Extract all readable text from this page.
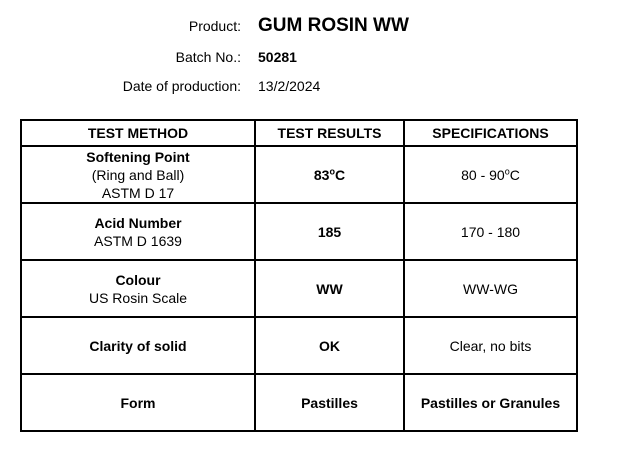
Product: GUM ROSIN WW
Batch No.: 50281
Date of production: 13/2/2024
TEST METHOD	TEST RESULTS	SPECIFICATIONS

Softening Point
(Ring and Ball)
ASTM D 17	83$^o$C	80 - 90$^o$C

Acid Number
ASTM D 1639	185	170 - 180

Colour
US Rosin Scale	WW	WW-WG
Clarity of solid	OK	Clear, no bits
Form	Pastilles	Pastilles or Granules
